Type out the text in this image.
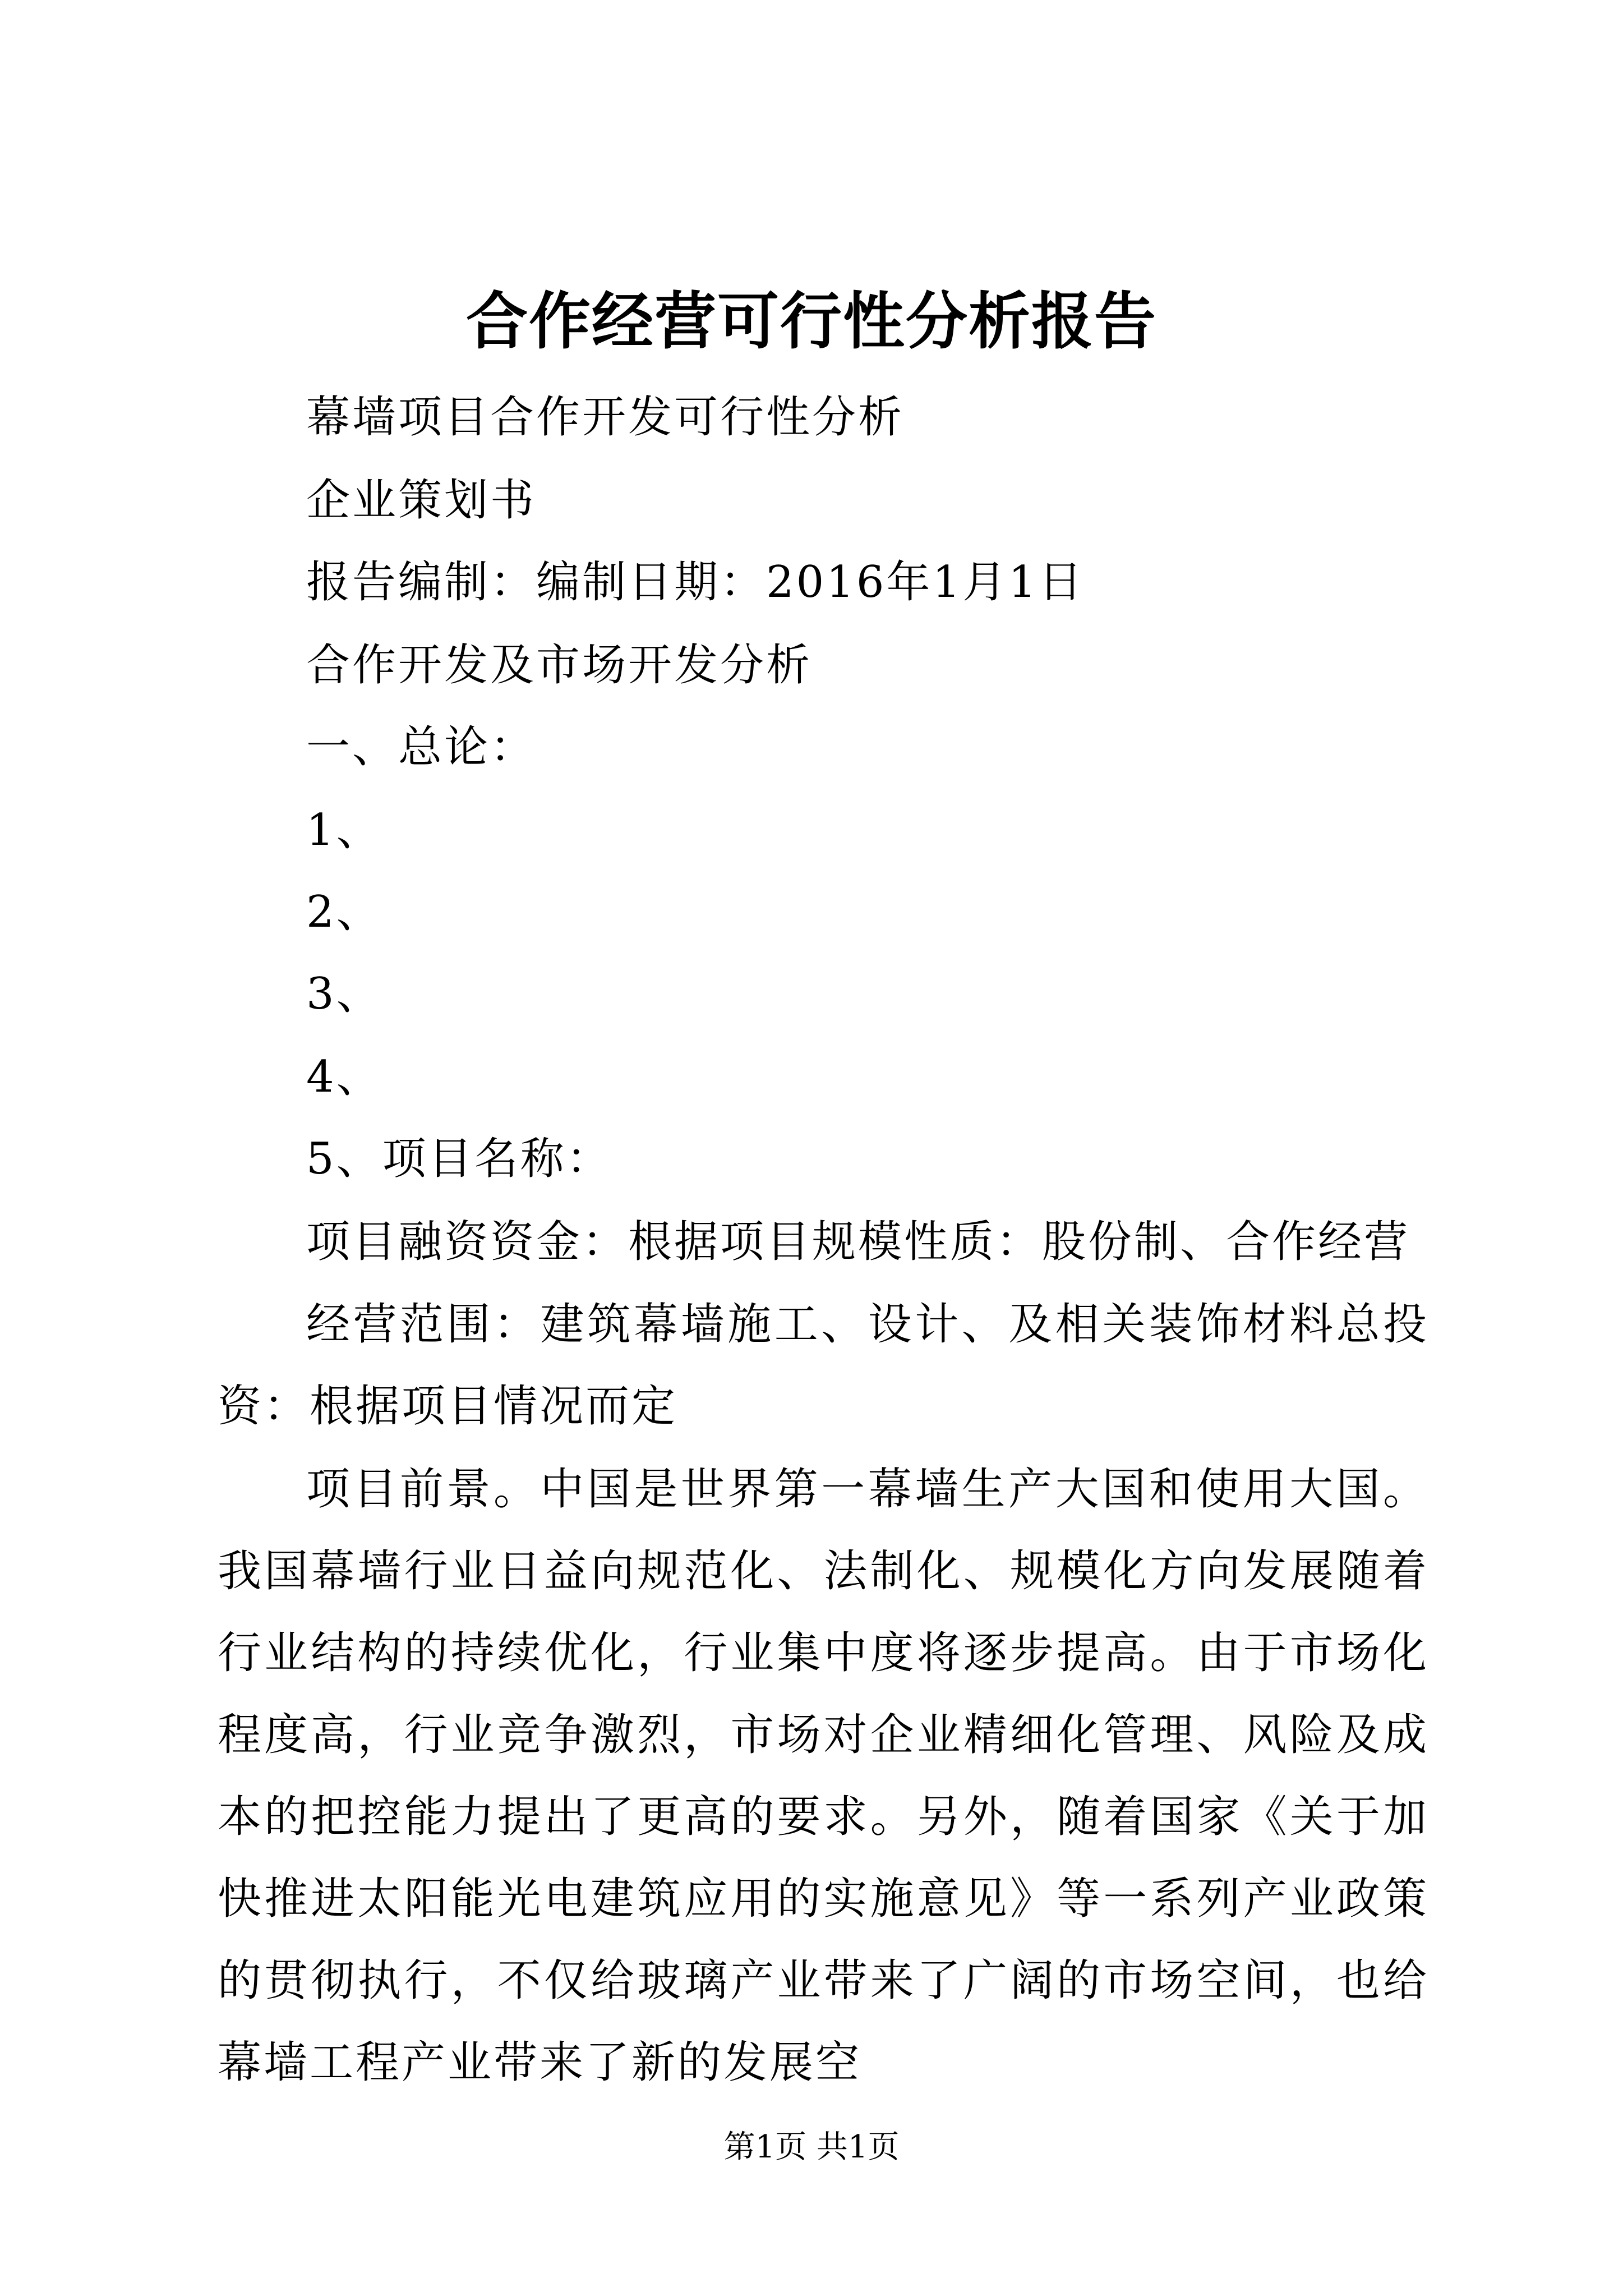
合作经营可行性分析报告
幕墙项目合作开发可行性分析
企业策划书
报告编制：编制日期：2016年1月1日
合作开发及市场开发分析
一、总论：
1、
2、
3、
4、
5、项目名称：
项目融资资金：根据项目规模性质：股份制、合作经营

经营范围：建筑幕墙施工、设计、及相关装饰材料总投资：根据项目情况而定

项目前景。中国是世界第一幕墙生产大国和使用大国。我国幕墙行业日益向规范化、法制化、规模化方向发展随着行业结构的持续优化，行业集中度将逐步提高。由于市场化程度高，行业竞争激烈，市场对企业精细化管理、风险及成本的把控能力提出了更高的要求。另外，随着国家《关于加快推进太阳能光电建筑应用的实施意见》等一系列产业政策的贯彻执行，不仅给玻璃产业带来了广阔的市场空间，也给幕墙工程产业带来了新的发展空

第1页 共1页
